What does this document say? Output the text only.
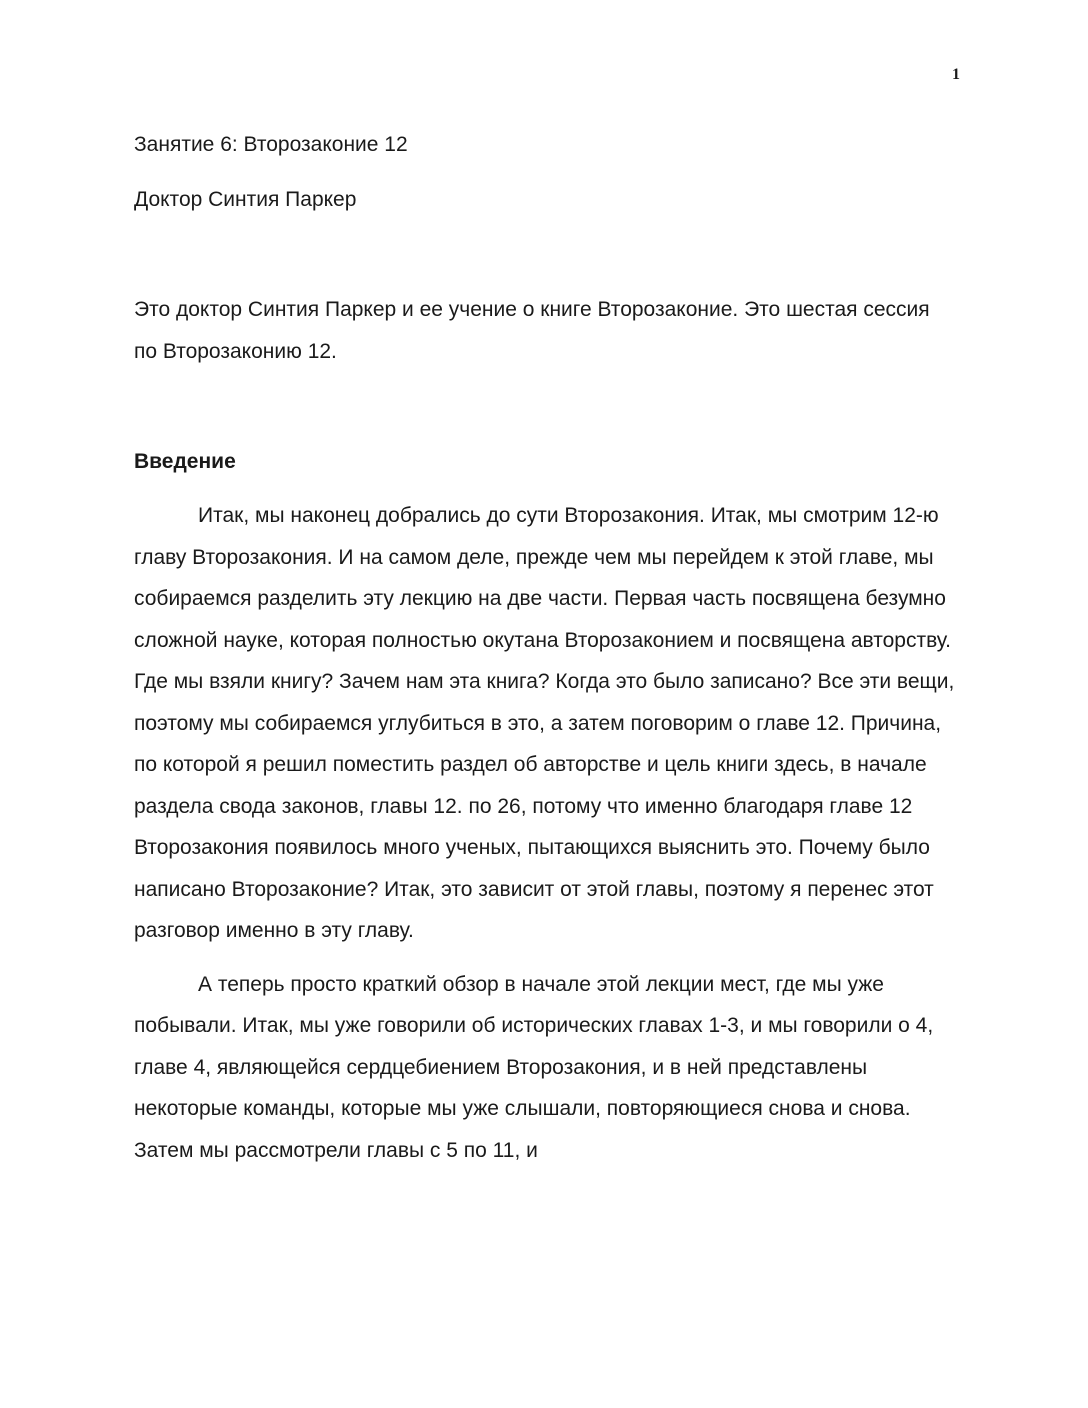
1
Занятие 6: Второзаконие 12

Доктор Синтия Паркер

Это доктор Синтия Паркер и ее учение о книге Второзаконие. Это шестая сессия по Второзаконию 12.

Введение

Итак, мы наконец добрались до сути Второзакония. Итак, мы смотрим 12-ю главу Второзакония. И на самом деле, прежде чем мы перейдем к этой главе, мы собираемся разделить эту лекцию на две части. Первая часть посвящена безумно сложной науке, которая полностью окутана Второзаконием и посвящена авторству. Где мы взяли книгу? Зачем нам эта книга? Когда это было записано? Все эти вещи, поэтому мы собираемся углубиться в это, а затем поговорим о главе 12. Причина, по которой я решил поместить раздел об авторстве и цель книги здесь, в начале раздела свода законов, главы 12. по 26, потому что именно благодаря главе 12 Второзакония появилось много ученых, пытающихся выяснить это. Почему было написано Второзаконие? Итак, это зависит от этой главы, поэтому я перенес этот разговор именно в эту главу.

А теперь просто краткий обзор в начале этой лекции мест, где мы уже побывали. Итак, мы уже говорили об исторических главах 1-3, и мы говорили о 4, главе 4, являющейся сердцебиением Второзакония, и в ней представлены некоторые команды, которые мы уже слышали, повторяющиеся снова и снова. Затем мы рассмотрели главы с 5 по 11, и
